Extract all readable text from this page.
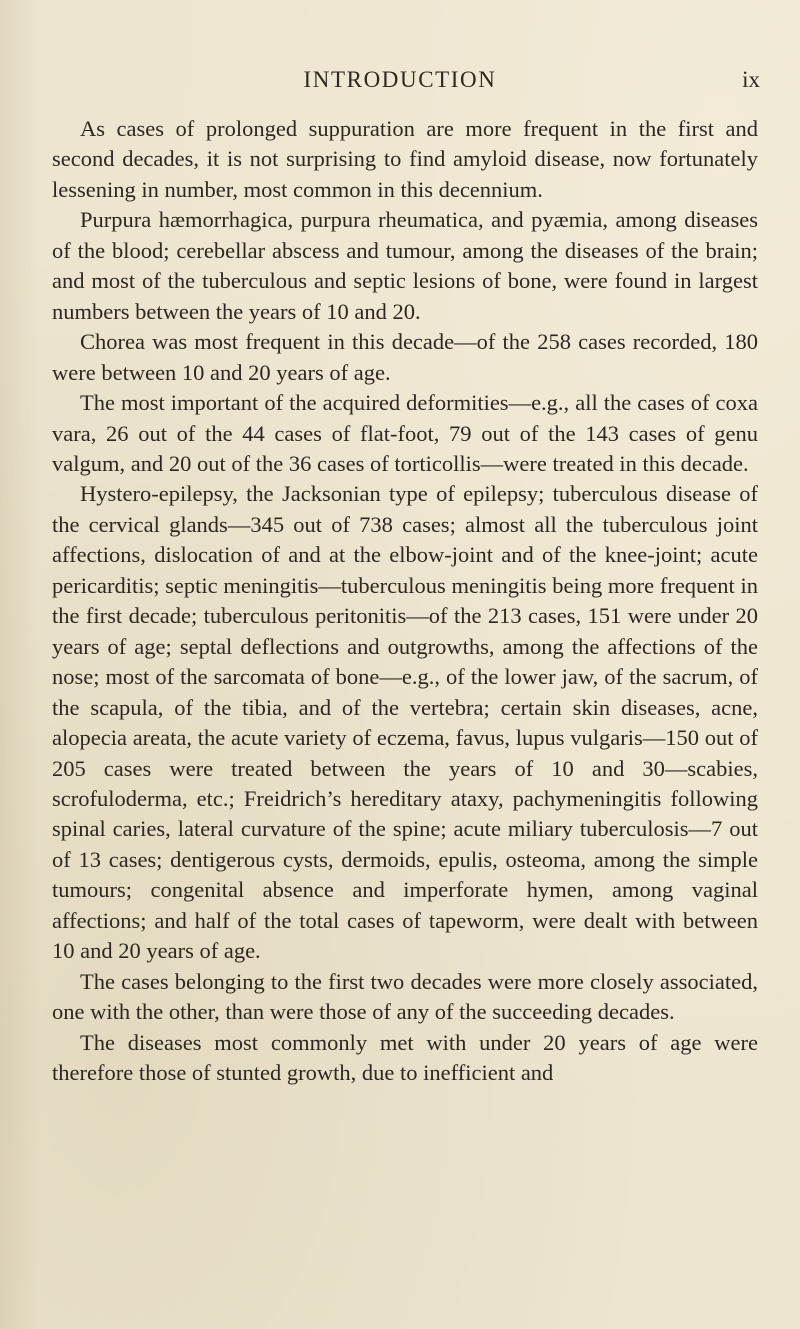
INTRODUCTION	ix

As cases of prolonged suppuration are more frequent in the first and second decades, it is not surprising to find amyloid disease, now fortunately lessening in number, most common in this decennium.

Purpura hæmorrhagica, purpura rheumatica, and pyæmia, among diseases of the blood; cerebellar abscess and tumour, among the diseases of the brain; and most of the tuberculous and septic lesions of bone, were found in largest numbers between the years of 10 and 20.

Chorea was most frequent in this decade—of the 258 cases recorded, 180 were between 10 and 20 years of age.

The most important of the acquired deformities—e.g., all the cases of coxa vara, 26 out of the 44 cases of flat-foot, 79 out of the 143 cases of genu valgum, and 20 out of the 36 cases of torticollis—were treated in this decade.

Hystero-epilepsy, the Jacksonian type of epilepsy; tuberculous disease of the cervical glands—345 out of 738 cases; almost all the tuberculous joint affections, dislocation of and at the elbow-joint and of the knee-joint; acute pericarditis; septic meningitis—tuberculous meningitis being more frequent in the first decade; tuberculous peritonitis—of the 213 cases, 151 were under 20 years of age; septal deflections and outgrowths, among the affections of the nose; most of the sarcomata of bone—e.g., of the lower jaw, of the sacrum, of the scapula, of the tibia, and of the vertebra; certain skin diseases, acne, alopecia areata, the acute variety of eczema, favus, lupus vulgaris—150 out of 205 cases were treated between the years of 10 and 30—scabies, scrofuloderma, etc.; Freidrich’s hereditary ataxy, pachymeningitis following spinal caries, lateral curvature of the spine; acute miliary tuberculosis—7 out of 13 cases; dentigerous cysts, dermoids, epulis, osteoma, among the simple tumours; congenital absence and imperforate hymen, among vaginal affections; and half of the total cases of tapeworm, were dealt with between 10 and 20 years of age.

The cases belonging to the first two decades were more closely associated, one with the other, than were those of any of the succeeding decades.

The diseases most commonly met with under 20 years of age were therefore those of stunted growth, due to inefficient and
